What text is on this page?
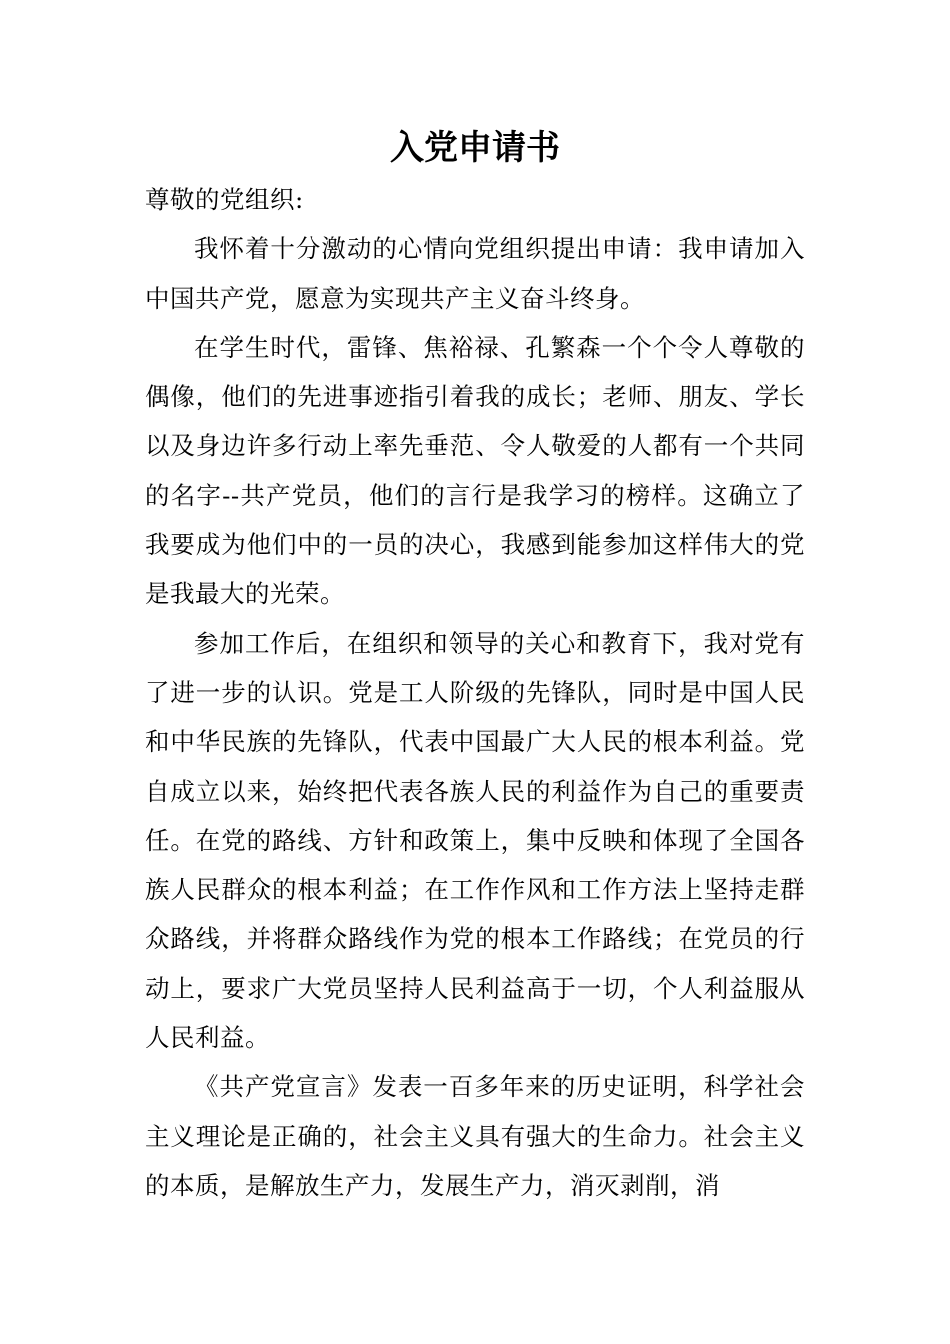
入党申请书

尊敬的党组织:

我怀着十分激动的心情向党组织提出申请：我申请加入中国共产党，愿意为实现共产主义奋斗终身。

在学生时代，雷锋、焦裕禄、孔繁森一个个令人尊敬的偶像，他们的先进事迹指引着我的成长；老师、朋友、学长以及身边许多行动上率先垂范、令人敬爱的人都有一个共同的名字--共产党员，他们的言行是我学习的榜样。这确立了我要成为他们中的一员的决心，我感到能参加这样伟大的党是我最大的光荣。

参加工作后，在组织和领导的关心和教育下，我对党有了进一步的认识。党是工人阶级的先锋队，同时是中国人民和中华民族的先锋队，代表中国最广大人民的根本利益。党自成立以来，始终把代表各族人民的利益作为自己的重要责任。在党的路线、方针和政策上，集中反映和体现了全国各族人民群众的根本利益；在工作作风和工作方法上坚持走群众路线，并将群众路线作为党的根本工作路线；在党员的行动上，要求广大党员坚持人民利益高于一切，个人利益服从人民利益。

《共产党宣言》发表一百多年来的历史证明，科学社会主义理论是正确的，社会主义具有强大的生命力。社会主义的本质，是解放生产力，发展生产力，消灭剥削，消
